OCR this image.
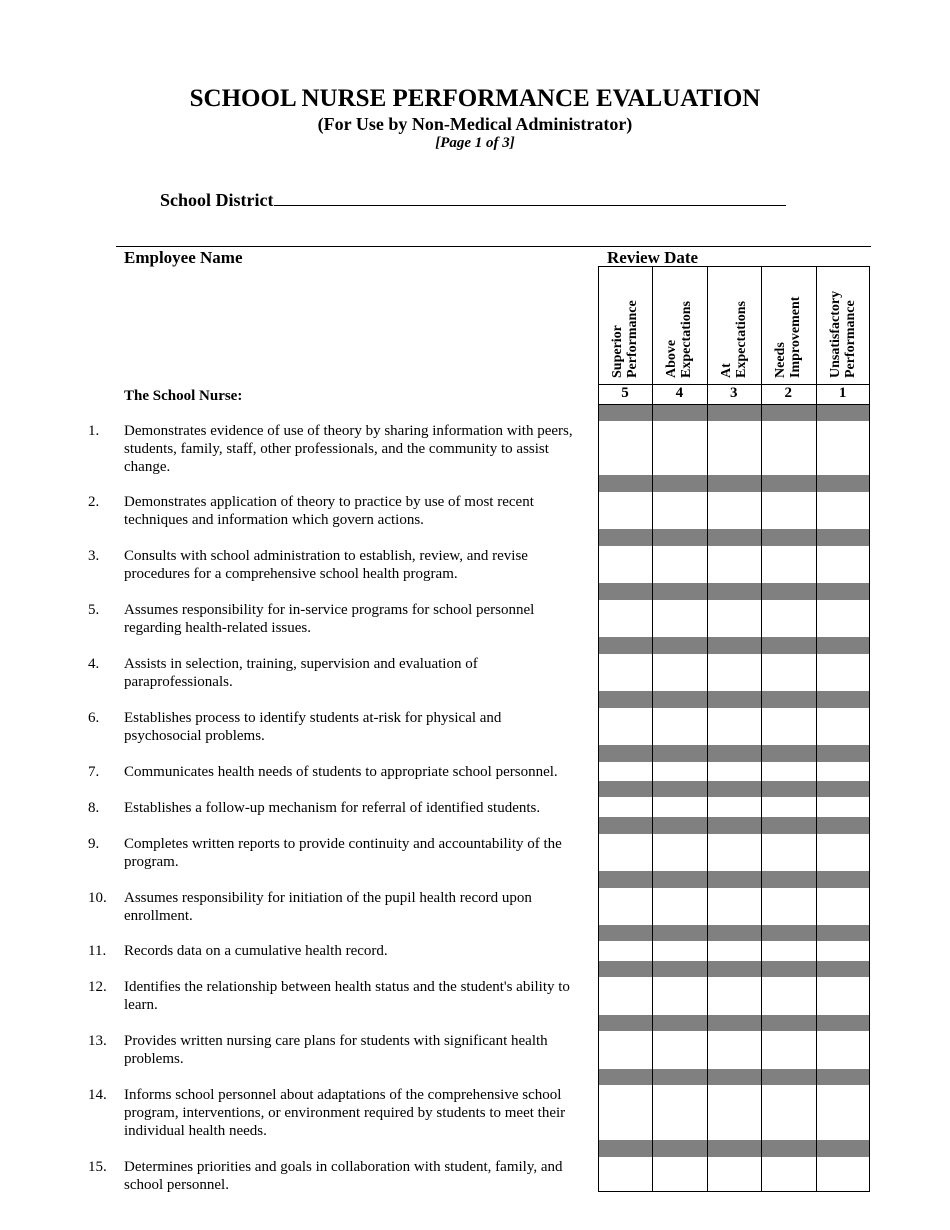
SCHOOL NURSE PERFORMANCE EVALUATION
(For Use by Non-Medical Administrator)
[Page 1 of 3]
School District
Employee Name	Review Date
The School Nurse:
1. Demonstrates evidence of use of theory by sharing information with peers,
students, family, staff, other professionals, and the community to assist
change.
2. Demonstrates application of theory to practice by use of most recent
techniques and information which govern actions.
3. Consults with school administration to establish, review, and revise
procedures for a comprehensive school health program.
5. Assumes responsibility for in-service programs for school personnel
regarding health-related issues.
4. Assists in selection, training, supervision and evaluation of
paraprofessionals.
6. Establishes process to identify students at-risk for physical and
psychosocial problems.
7. Communicates health needs of students to appropriate school personnel.
8. Establishes a follow-up mechanism for referral of identified students.
9. Completes written reports to provide continuity and accountability of the
program.
10. Assumes responsibility for initiation of the pupil health record upon
enrollment.
11. Records data on a cumulative health record.
12. Identifies the relationship between health status and the student's ability to
learn.
13. Provides written nursing care plans for students with significant health
problems.
14. Informs school personnel about adaptations of the comprehensive school
program, interventions, or environment required by students to meet their
individual health needs.
15. Determines priorities and goals in collaboration with student, family, and
school personnel.
Superior Performance
5
Above Expectations
4
At Expectations
3
Needs Improvement
2
Unsatisfactory Performance
1
